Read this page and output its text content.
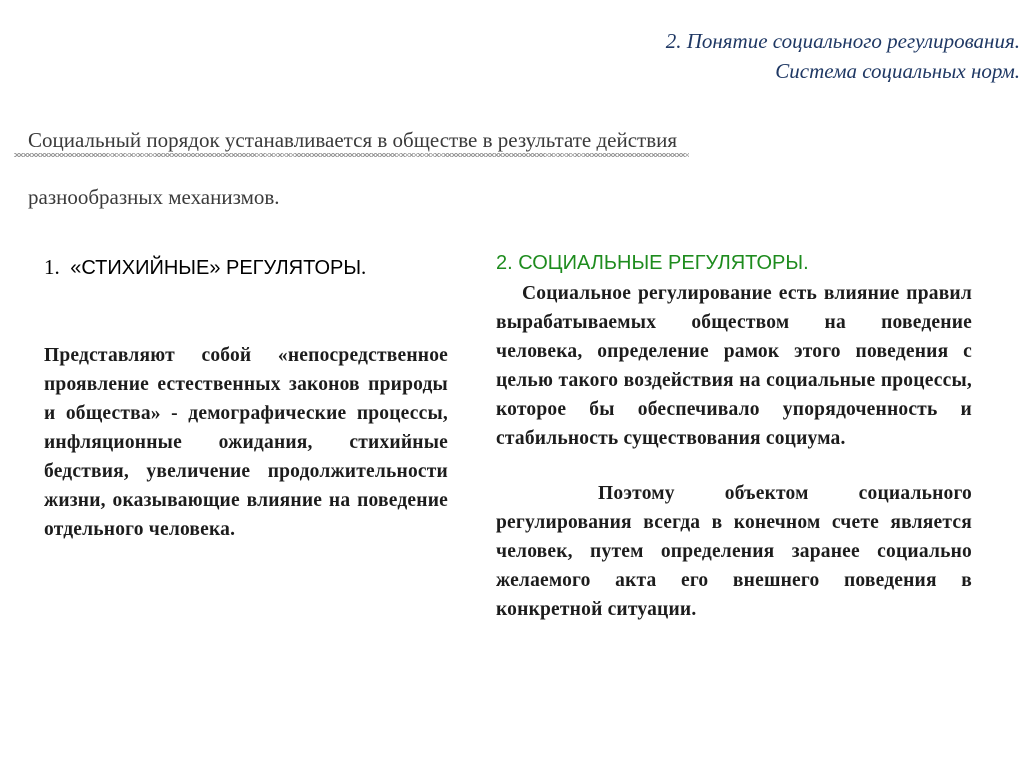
2. Понятие социального регулирования.
Система социальных норм.
Социальный порядок устанавливается в обществе в результате действия
разнообразных механизмов.
1. «СТИХИЙНЫЕ» РЕГУЛЯТОРЫ.
Представляют собой «непосредственное проявление естественных законов природы и общества» - демографические процессы, инфляционные ожидания, стихийные бедствия, увеличение продолжительности жизни, оказывающие влияние на поведение отдельного человека.
2. СОЦИАЛЬНЫЕ РЕГУЛЯТОРЫ.
Социальное регулирование есть влияние правил вырабатываемых обществом на поведение человека, определение рамок этого поведения с целью такого воздействия на социальные процессы, которое бы обеспечивало упорядоченность и стабильность существования социума.
Поэтому объектом социального регулирования всегда в конечном счете является человек, путем определения заранее социально желаемого акта его внешнего поведения в конкретной ситуации.
